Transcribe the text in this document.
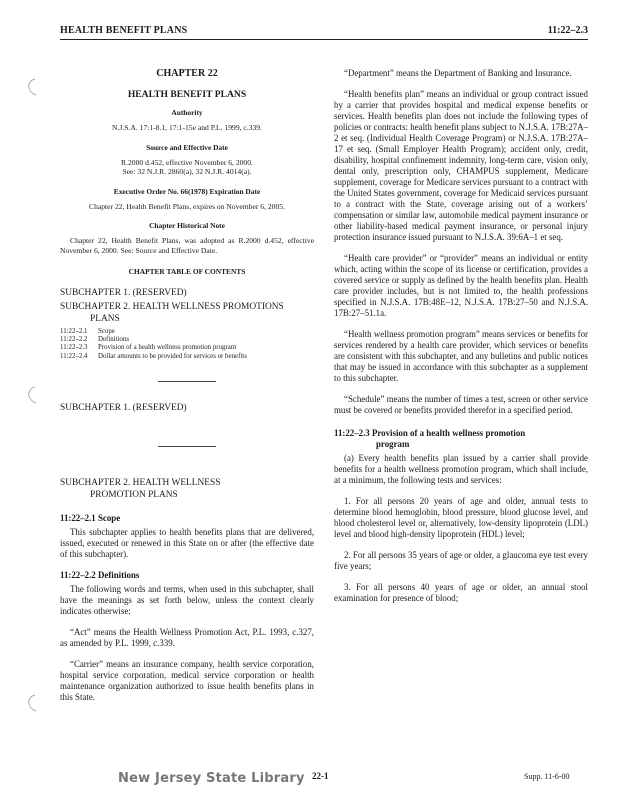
HEALTH BENEFIT PLANS	11:22–2.3
CHAPTER 22
HEALTH BENEFIT PLANS
Authority
N.J.S.A. 17:1-8.1, 17:1-15e and P.L. 1999, c.339.
Source and Effective Date
R.2000 d.452, effective November 6, 2000.
See: 32 N.J.R. 2860(a), 32 N.J.R. 4014(a).
Executive Order No. 66(1978) Expiration Date
Chapter 22, Health Benefit Plans, expires on November 6, 2005.
Chapter Historical Note

Chapter 22, Health Benefit Plans, was adopted as R.2000 d.452, effective November 6, 2000. See: Source and Effective Date.

CHAPTER TABLE OF CONTENTS
SUBCHAPTER 1. (RESERVED)
SUBCHAPTER 2. HEALTH WELLNESS PROMOTIONS
PLANS
11:22–2.1	Scope
11:22–2.2	Definitions
11:22–2.3	Provision of a health wellness promotion program
11:22–2.4	Dollar amounts to be provided for services or benefits
SUBCHAPTER 1. (RESERVED)
SUBCHAPTER 2. HEALTH WELLNESS
PROMOTION PLANS
11:22–2.1 Scope

This subchapter applies to health benefits plans that are delivered, issued, executed or renewed in this State on or after (the effective date of this subchapter).

11:22–2.2 Definitions

The following words and terms, when used in this subchapter, shall have the meanings as set forth below, unless the context clearly indicates otherwise:

“Act” means the Health Wellness Promotion Act, P.L. 1993, c.327, as amended by P.L. 1999, c.339.

“Carrier” means an insurance company, health service corporation, hospital service corporation, medical service corporation or health maintenance organization authorized to issue health benefits plans in this State.

“Department” means the Department of Banking and Insurance.

“Health benefits plan” means an individual or group contract issued by a carrier that provides hospital and medical expense benefits or services. Health benefits plan does not include the following types of policies or contracts: health benefit plans subject to N.J.S.A. 17B:27A–2 et seq. (Individual Health Coverage Program) or N.J.S.A. 17B:27A–17 et seq. (Small Employer Health Program); accident only, credit, disability, hospital confinement indemnity, long-term care, vision only, dental only, prescription only, CHAMPUS supplement, Medicare supplement, coverage for Medicare services pursuant to a contract with the United States government, coverage for Medicaid services pursuant to a contract with the State, coverage arising out of a workers’ compensation or similar law, automobile medical payment insurance or other liability-based medical payment insurance, or personal injury protection insurance issued pursuant to N.J.S.A. 39:6A–1 et seq.

“Health care provider” or “provider” means an individual or entity which, acting within the scope of its license or certification, provides a covered service or supply as defined by the health benefits plan. Health care provider includes, but is not limited to, the health professions specified in N.J.S.A. 17B:48E–12, N.J.S.A. 17B:27–50 and N.J.S.A. 17B:27–51.1a.

“Health wellness promotion program” means services or benefits for services rendered by a health care provider, which services or benefits are consistent with this subchapter, and any bulletins and public notices that may be issued in accordance with this subchapter as a supplement to this subchapter.

“Schedule” means the number of times a test, screen or other service must be covered or benefits provided therefor in a specified period.

11:22–2.3 Provision of a health wellness promotion
program

(a) Every health benefits plan issued by a carrier shall provide benefits for a health wellness promotion program, which shall include, at a minimum, the following tests and services:

1. For all persons 20 years of age and older, annual tests to determine blood hemoglobin, blood pressure, blood glucose level, and blood cholesterol level or, alternatively, low-density lipoprotein (LDL) level and blood high-density lipoprotein (HDL) level;

2. For all persons 35 years of age or older, a glaucoma eye test every five years;

3. For all persons 40 years of age or older, an annual stool examination for presence of blood;

New Jersey State Library 22-1	Supp. 11-6-00
